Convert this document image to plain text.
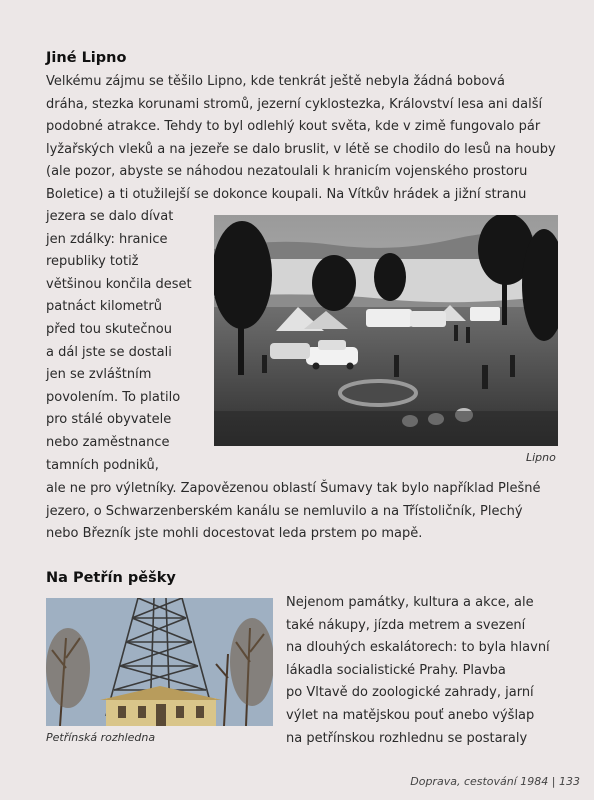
Jiné Lipno
Velkému zájmu se těšilo Lipno, kde tenkrát ještě nebyla žádná bobová
dráha, stezka korunami stromů, jezerní cyklostezka, Království lesa ani další
podobné atrakce. Tehdy to byl odlehlý kout světa, kde v zimě fungovalo pár
lyžařských vleků a na jezeře se dalo bruslit, v létě se chodilo do lesů na houby
(ale pozor, abyste se náhodou nezatoulali k hranicím vojenského prostoru
Boletice) a ti otužilejší se dokonce koupali. Na Vítkův hrádek a jižní stranu
jezera se dalo dívat
jen zdálky: hranice
republiky totiž
většinou končila deset
patnáct kilometrů
před tou skutečnou
a dál jste se dostali
jen se zvláštním
povolením. To platilo
pro stálé obyvatele
nebo zaměstnance
tamních podniků,
ale ne pro výletníky. Zapovězenou oblastí Šumavy tak bylo například Plešné
jezero, o Schwarzenberském kanálu se nemluvilo a na Třístoličník, Plechý
nebo Březník jste mohli docestovat leda prstem po mapě.

Lipno

Na Petřín pěšky

Petřínská rozhledna

Nejenom památky, kultura a akce, ale
také nákupy, jízda metrem a svezení
na dlouhých eskalátorech: to byla hlavní
lákadla socialistické Prahy. Plavba
po Vltavě do zoologické zahrady, jarní
výlet na matějskou pouť anebo výšlap
na petřínskou rozhlednu se postaraly
Doprava, cestování 1984 | 133
